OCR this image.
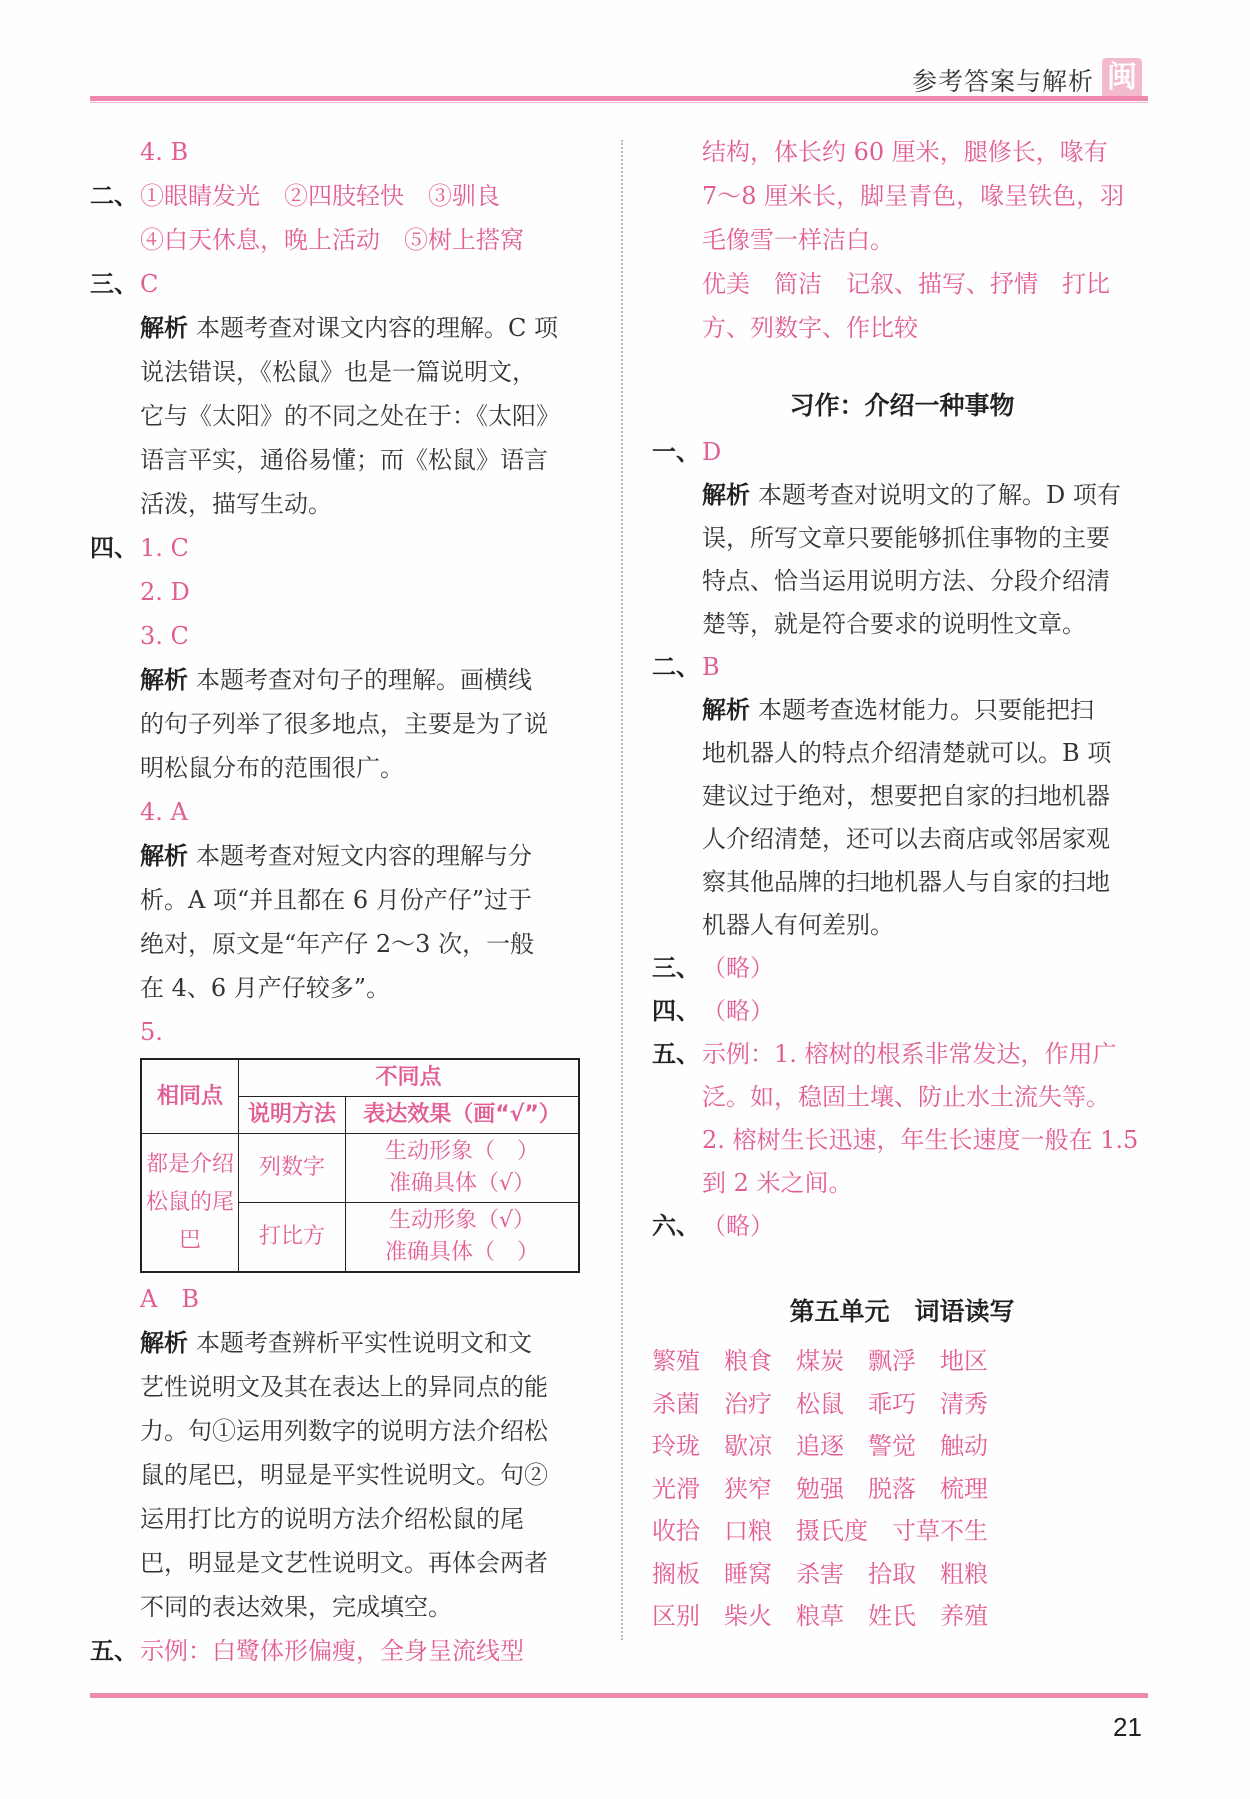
参考答案与解析 闽
4. B
二、①眼睛发光　②四肢轻快　③驯良
④白天休息，晚上活动　⑤树上搭窝
三、C
解析 本题考查对课文内容的理解。C 项
说法错误，《松鼠》也是一篇说明文，
它与《太阳》的不同之处在于：《太阳》
语言平实，通俗易懂；而《松鼠》语言
活泼，描写生动。
四、1. C
2. D
3. C
解析 本题考查对句子的理解。画横线
的句子列举了很多地点，主要是为了说
明松鼠分布的范围很广。
4. A
解析 本题考查对短文内容的理解与分
析。A 项“并且都在 6 月份产仔”过于
绝对，原文是“年产仔 2～3 次，一般
在 4、6 月产仔较多”。
5.
相同点	不同点	
	说明方法	表达效果（画“√”）
都是介绍松鼠的尾巴	列数字	生动形象（　）
准确具体（√）

	打比方	生动形象（√）
准确具体（　）
A　B
解析 本题考查辨析平实性说明文和文
艺性说明文及其在表达上的异同点的能
力。句①运用列数字的说明方法介绍松
鼠的尾巴，明显是平实性说明文。句②
运用打比方的说明方法介绍松鼠的尾
巴，明显是文艺性说明文。再体会两者
不同的表达效果，完成填空。
五、示例：白鹭体形偏瘦，全身呈流线型
结构，体长约 60 厘米，腿修长，喙有
7～8 厘米长，脚呈青色，喙呈铁色，羽
毛像雪一样洁白。
优美　简洁　记叙、描写、抒情　打比
方、列数字、作比较
习作：介绍一种事物
一、D
解析 本题考查对说明文的了解。D 项有
误，所写文章只要能够抓住事物的主要
特点、恰当运用说明方法、分段介绍清
楚等，就是符合要求的说明性文章。
二、B
解析 本题考查选材能力。只要能把扫
地机器人的特点介绍清楚就可以。B 项
建议过于绝对，想要把自家的扫地机器
人介绍清楚，还可以去商店或邻居家观
察其他品牌的扫地机器人与自家的扫地
机器人有何差别。
三、（略）
四、（略）
五、示例：1. 榕树的根系非常发达，作用广
泛。如，稳固土壤、防止水土流失等。
2. 榕树生长迅速，年生长速度一般在 1.5
到 2 米之间。
六、（略）
第五单元　词语读写
繁殖 粮食 煤炭 飘浮 地区
杀菌 治疗 松鼠 乖巧 清秀
玲珑 歇凉 追逐 警觉 触动
光滑 狭窄 勉强 脱落 梳理
收拾 口粮 摄氏度 寸草不生
搁板 睡窝 杀害 拾取 粗粮
区别 柴火 粮草 姓氏 养殖
21
